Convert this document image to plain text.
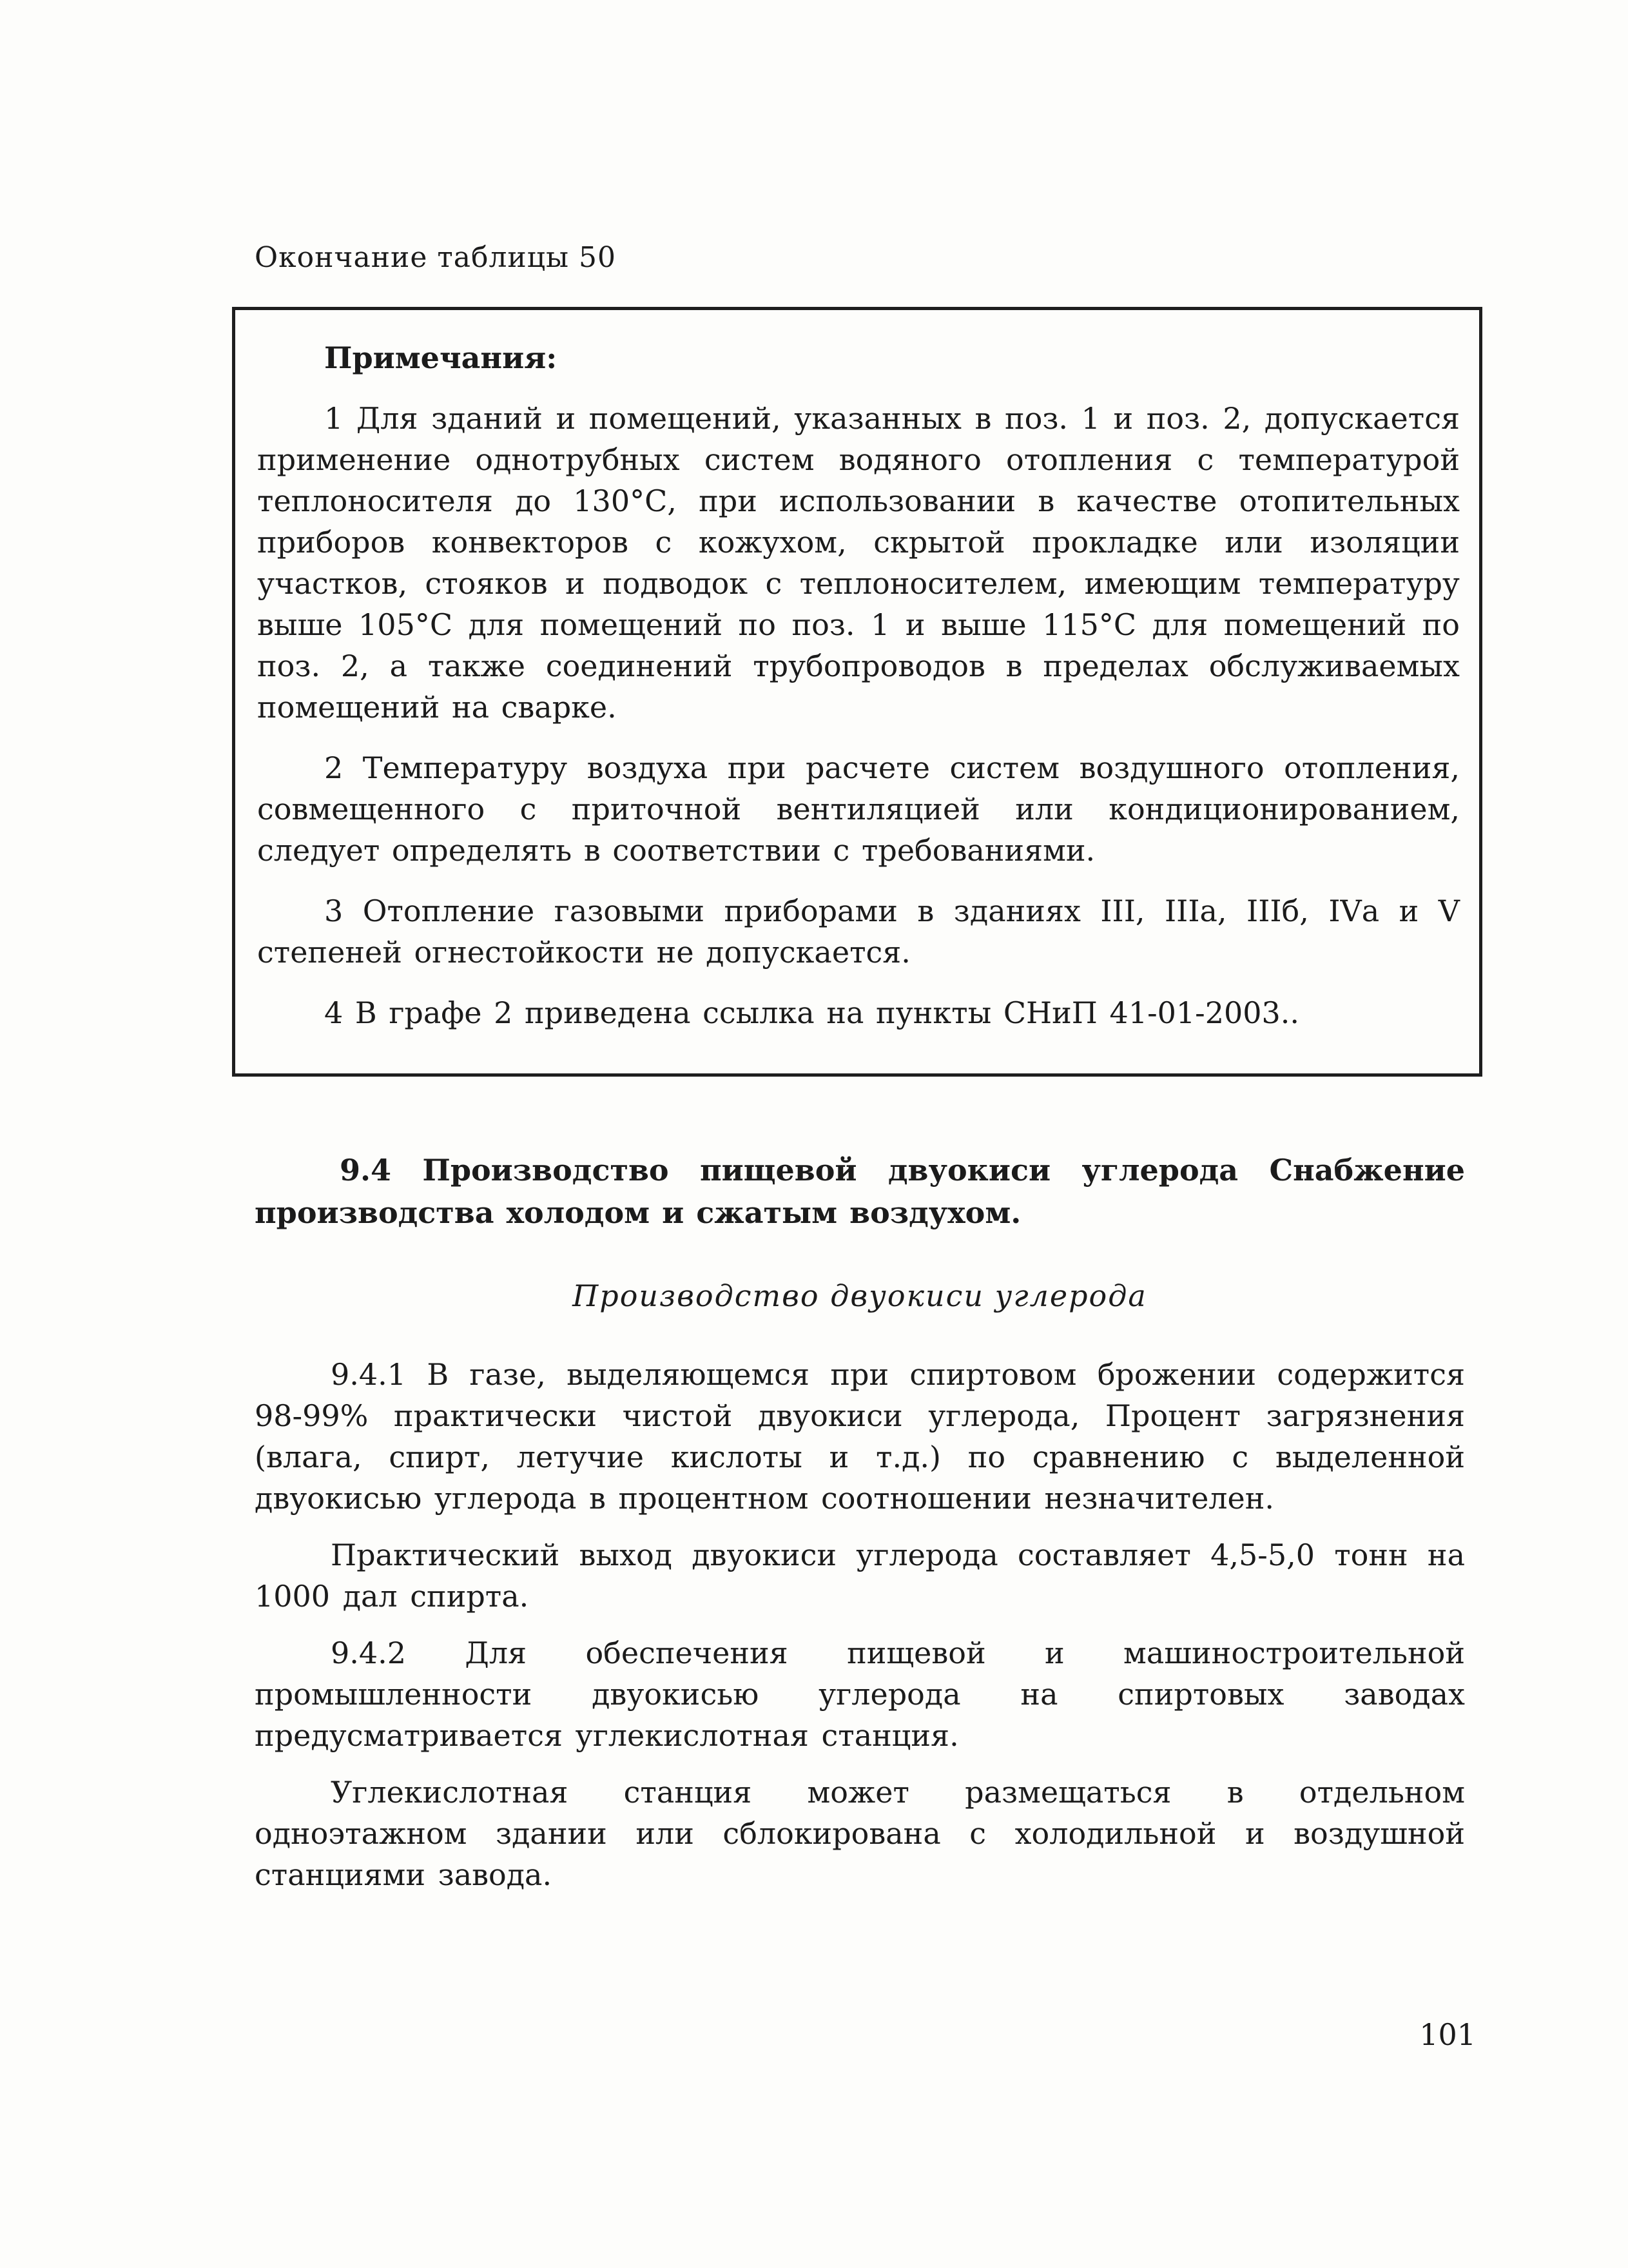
Окончание таблицы 50

Примечания:

1 Для зданий и помещений, указанных в поз. 1 и поз. 2, допускается применение однотрубных систем водяного отопления с температурой теплоносителя до 130°С, при использовании в качестве отопительных приборов конвекторов с кожухом, скрытой прокладке или изоляции участков, стояков и подводок с теплоносителем, имеющим температуру выше 105°С для помещений по поз. 1 и выше 115°С для помещений по поз. 2, а также соединений трубопроводов в пределах обслуживаемых помещений на сварке.

2 Температуру воздуха при расчете систем воздушного отопления, совмещенного с приточной вентиляцией или кондиционированием, следует определять в соответствии с требованиями.

3 Отопление газовыми приборами в зданиях III, IIIа, IIIб, IVа и V степеней огнестойкости не допускается.

4 В графе 2 приведена ссылка на пункты СНиП 41-01-2003..

9.4 Производство пищевой двуокиси углерода Снабжение производства холодом и сжатым воздухом.

Производство двуокиси углерода

9.4.1 В газе, выделяющемся при спиртовом брожении содержится 98-99% практически чистой двуокиси углерода, Процент загрязнения (влага, спирт, летучие кислоты и т.д.) по сравнению с выделенной двуокисью углерода в процентном соотношении незначителен.

Практический выход двуокиси углерода составляет 4,5-5,0 тонн на 1000 дал спирта.

9.4.2 Для обеспечения пищевой и машиностроительной промышленности двуокисью углерода на спиртовых заводах предусматривается углекислотная станция.

Углекислотная станция может размещаться в отдельном одноэтажном здании или сблокирована с холодильной и воздушной станциями завода.

101
